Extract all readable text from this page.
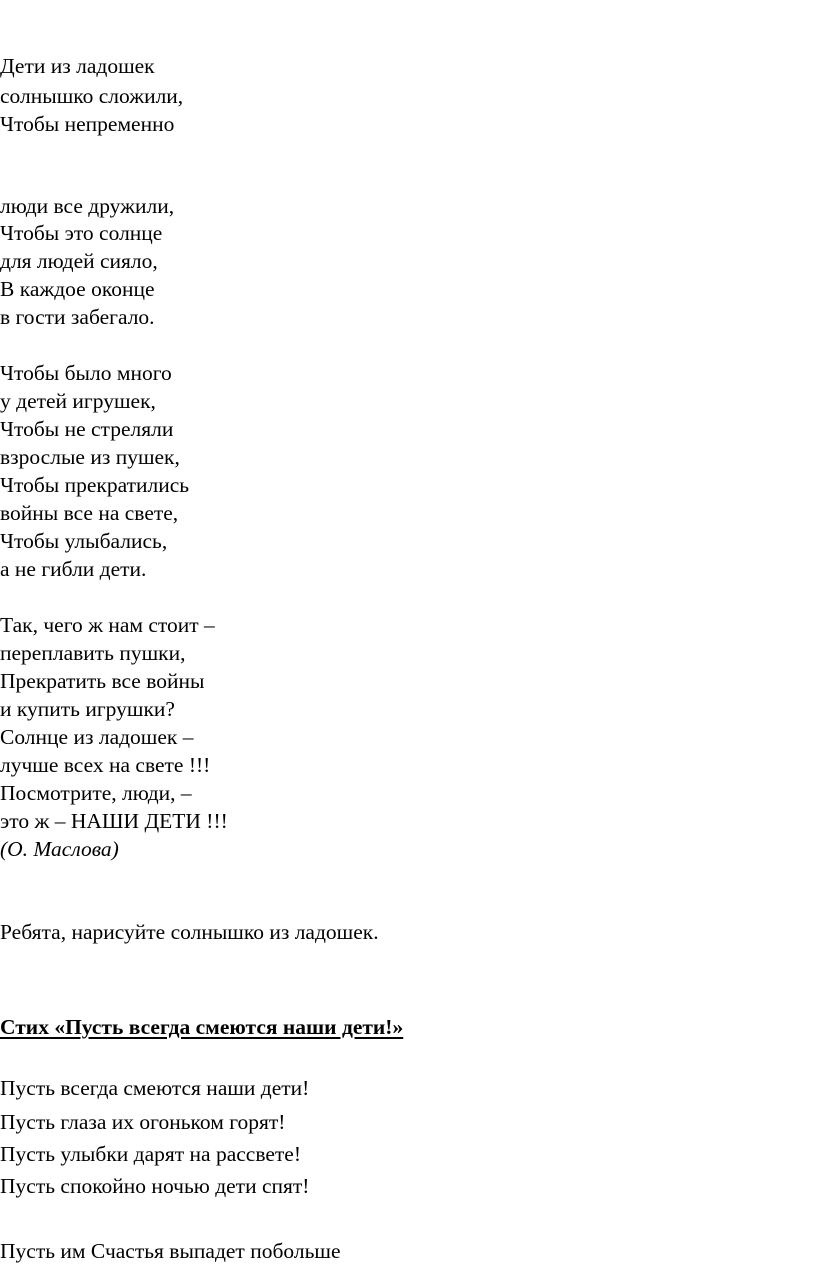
Дети из ладошек
солнышко сложили,
Чтобы непременно
люди все дружили,
Чтобы это солнце
для людей сияло,
В каждое оконце
в гости забегало.
Чтобы было много
у детей игрушек,
Чтобы не стреляли
взрослые из пушек,
Чтобы прекратились
войны все на свете,
Чтобы улыбались,
а не гибли дети.
Так, чего ж нам стоит –
переплавить пушки,
Прекратить все войны
и купить игрушки?
Солнце из ладошек –
лучше всех на свете !!!
Посмотрите, люди, –
это ж – НАШИ ДЕТИ !!!
(О. Маслова)
Ребята, нарисуйте солнышко из ладошек.
Стих «Пусть всегда смеются наши дети!»
Пусть всегда смеются наши дети!
Пусть глаза их огоньком горят!
Пусть улыбки дарят на рассвете!
Пусть спокойно ночью дети спят!
Пусть им Счастья выпадет побольше
